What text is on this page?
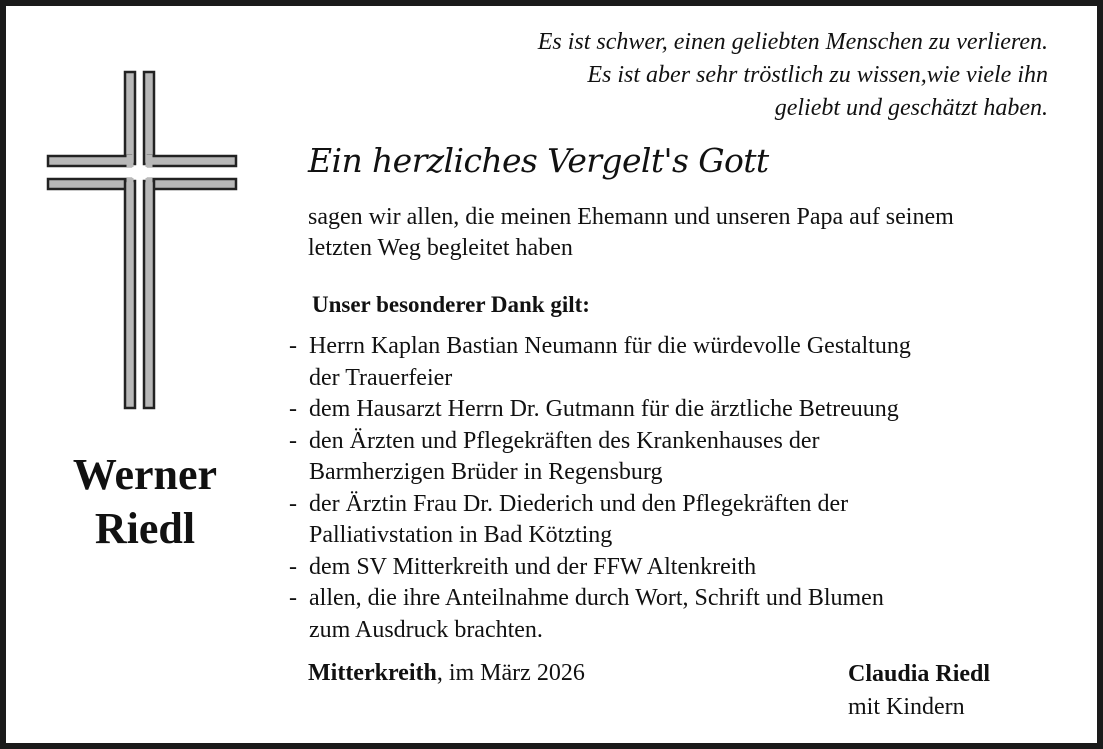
Es ist schwer, einen geliebten Menschen zu verlieren.
Es ist aber sehr tröstlich zu wissen,wie viele ihn
geliebt und geschätzt haben.
Werner
Riedl
Ein herzliches Vergelt's Gott
sagen wir allen, die meinen Ehemann und unseren Papa auf seinem
letzten Weg begleitet haben
Unser besonderer Dank gilt:
- Herrn Kaplan Bastian Neumann für die würdevolle Gestaltung
der Trauerfeier
- dem Hausarzt Herrn Dr. Gutmann für die ärztliche Betreuung
- den Ärzten und Pflegekräften des Krankenhauses der
Barmherzigen Brüder in Regensburg
- der Ärztin Frau Dr. Diederich und den Pflegekräften der
Palliativstation in Bad Kötzting
- dem SV Mitterkreith und der FFW Altenkreith
- allen, die ihre Anteilnahme durch Wort, Schrift und Blumen
zum Ausdruck brachten.
Mitterkreith, im März 2026	Claudia Riedl
mit Kindern
